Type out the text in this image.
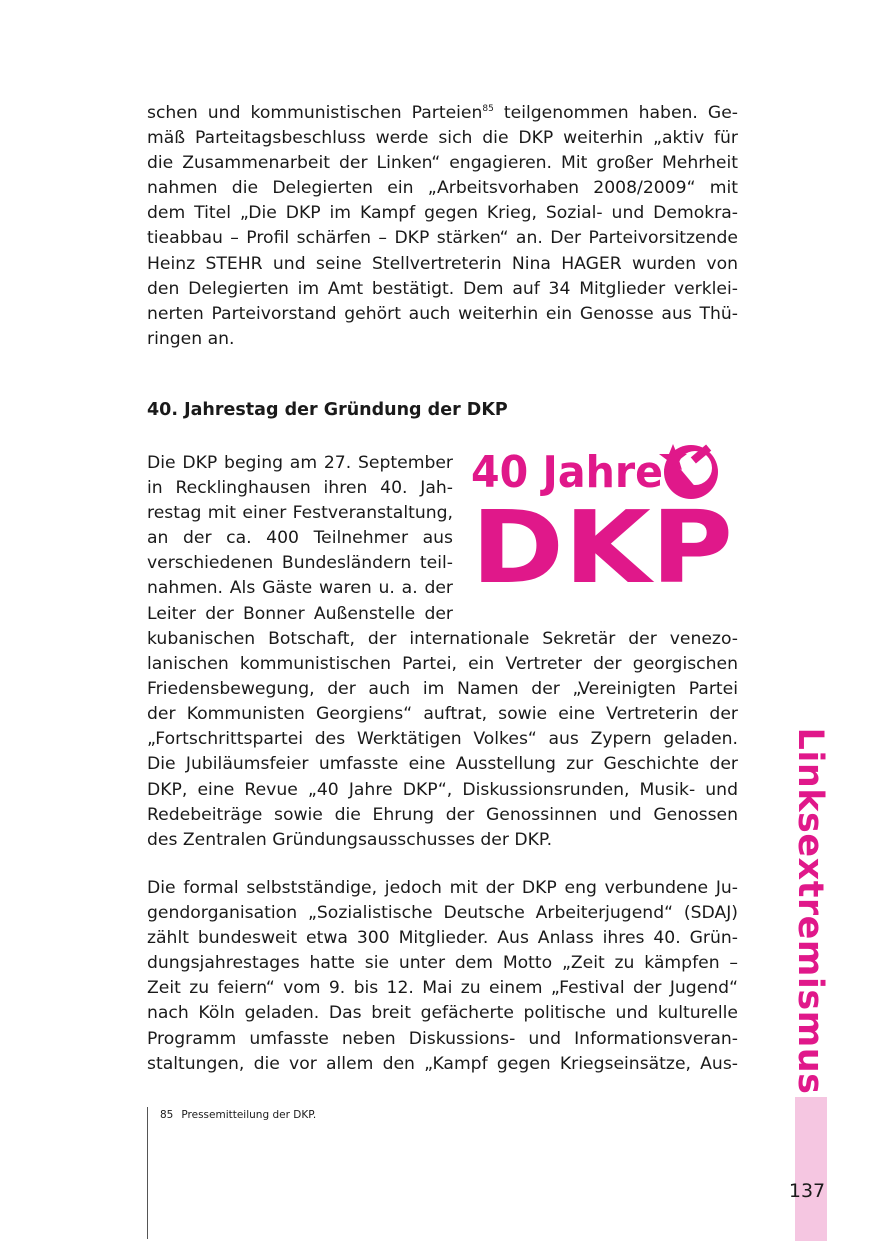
schen und kommunistischen Parteien$^{85}$ teilgenommen haben. Ge-
mäß Parteitagsbeschluss werde sich die DKP weiterhin „aktiv für
die Zusammenarbeit der Linken“ engagieren. Mit großer Mehrheit
nahmen die Delegierten ein „Arbeitsvorhaben 2008/2009“ mit
dem Titel „Die DKP im Kampf gegen Krieg, Sozial- und Demokra-
tieabbau – Profil schärfen – DKP stärken“ an. Der Parteivorsitzende
Heinz STEHR und seine Stellvertreterin Nina HAGER wurden von
den Delegierten im Amt bestätigt. Dem auf 34 Mitglieder verklei-
nerten Parteivorstand gehört auch weiterhin ein Genosse aus Thü-
ringen an.
40. Jahrestag der Gründung der DKP
Die DKP beging am 27. September
in Recklinghausen ihren 40. Jah-
restag mit einer Festveranstaltung,
an der ca. 400 Teilnehmer aus
verschiedenen Bundesländern teil-
nahmen. Als Gäste waren u. a. der
Leiter der Bonner Außenstelle der
40 Jahre
DKP
kubanischen Botschaft, der internationale Sekretär der venezo-
lanischen kommunistischen Partei, ein Vertreter der georgischen
Friedensbewegung, der auch im Namen der „Vereinigten Partei
der Kommunisten Georgiens“ auftrat, sowie eine Vertreterin der
„Fortschrittspartei des Werktätigen Volkes“ aus Zypern geladen.
Die Jubiläumsfeier umfasste eine Ausstellung zur Geschichte der
DKP, eine Revue „40 Jahre DKP“, Diskussionsrunden, Musik- und
Redebeiträge sowie die Ehrung der Genossinnen und Genossen
des Zentralen Gründungsausschusses der DKP.
Die formal selbstständige, jedoch mit der DKP eng verbundene Ju-
gendorganisation „Sozialistische Deutsche Arbeiterjugend“ (SDAJ)
zählt bundesweit etwa 300 Mitglieder. Aus Anlass ihres 40. Grün-
dungsjahrestages hatte sie unter dem Motto „Zeit zu kämpfen –
Zeit zu feiern“ vom 9. bis 12. Mai zu einem „Festival der Jugend“
nach Köln geladen. Das breit gefächerte politische und kulturelle
Programm umfasste neben Diskussions- und Informationsveran-
staltungen, die vor allem den „Kampf gegen Kriegseinsätze, Aus-
85 Pressemitteilung der DKP.
Linksextremismus
137
